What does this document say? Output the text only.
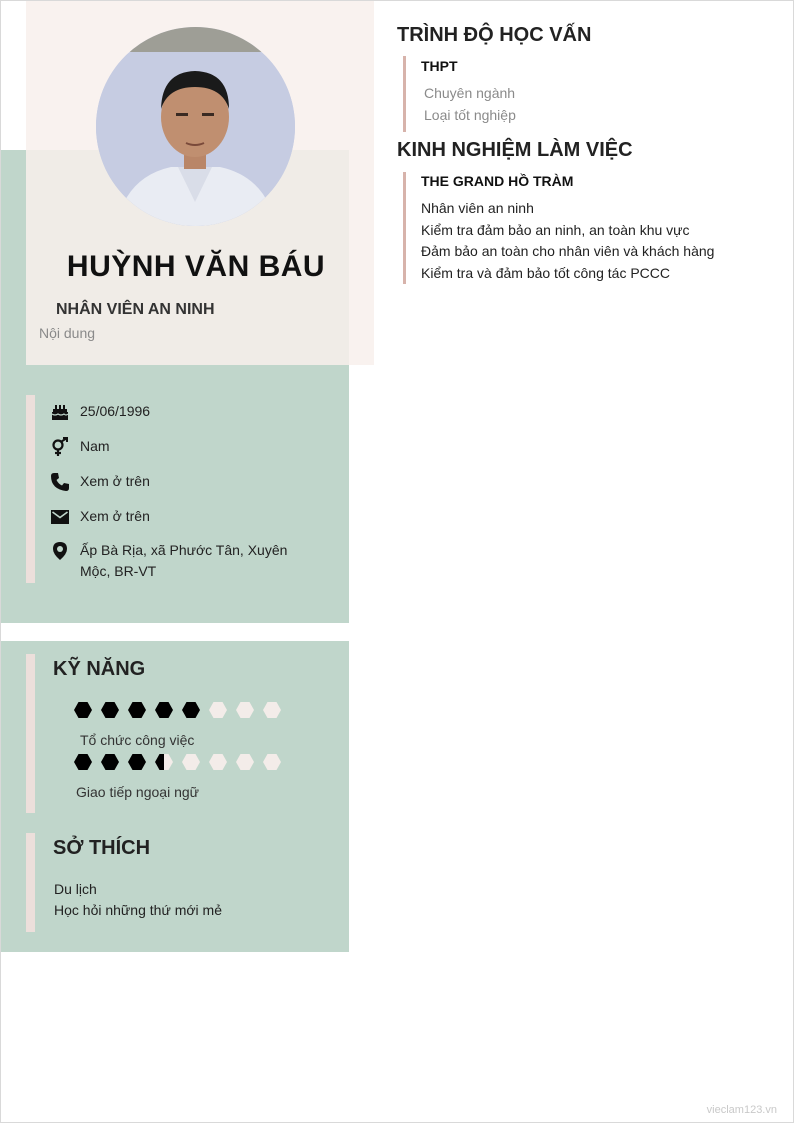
HUỲNH VĂN BÁU
NHÂN VIÊN AN NINH
Nội dung
25/06/1996
Nam
Xem ở trên
Xem ở trên
Ấp Bà Rịa, xã Phước Tân, Xuyên Mộc, BR-VT
KỸ NĂNG
Tổ chức công việc
Giao tiếp ngoại ngữ
SỞ THÍCH
Du lịch
Học hỏi những thứ mới mẻ
TRÌNH ĐỘ HỌC VẤN
THPT
Chuyên ngành
Loại tốt nghiệp
KINH NGHIỆM LÀM VIỆC
THE GRAND HỒ TRÀM
Nhân viên an ninh
Kiểm tra đảm bảo an ninh, an toàn khu vực
Đảm bảo an toàn cho nhân viên và khách hàng
Kiểm tra và đảm bảo tốt công tác PCCC
vieclam123.vn
